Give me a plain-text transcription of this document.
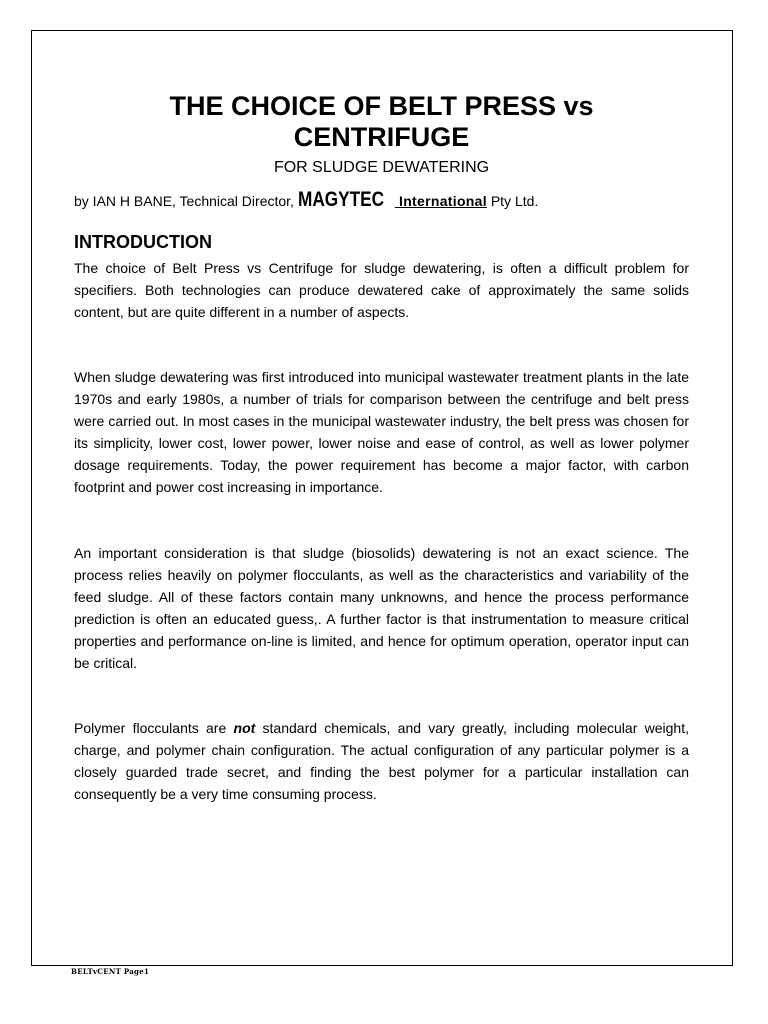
THE CHOICE OF BELT PRESS vs
CENTRIFUGE

FOR SLUDGE DEWATERING

by IAN H BANE, Technical Director, MAGYTEC International Pty Ltd.
INTRODUCTION

The choice of Belt Press vs Centrifuge for sludge dewatering, is often a difficult problem for specifiers. Both technologies can produce dewatered cake of approximately the same solids content, but are quite different in a number of aspects.

When sludge dewatering was first introduced into municipal wastewater treatment plants in the late 1970s and early 1980s, a number of trials for comparison between the centrifuge and belt press were carried out. In most cases in the municipal wastewater industry, the belt press was chosen for its simplicity, lower cost, lower power, lower noise and ease of control, as well as lower polymer dosage requirements. Today, the power requirement has become a major factor, with carbon footprint and power cost increasing in importance.

An important consideration is that sludge (biosolids) dewatering is not an exact science. The process relies heavily on polymer flocculants, as well as the characteristics and variability of the feed sludge. All of these factors contain many unknowns, and hence the process performance prediction is often an educated guess,. A further factor is that instrumentation to measure critical properties and performance on-line is limited, and hence for optimum operation, operator input can be critical.

Polymer flocculants are not standard chemicals, and vary greatly, including molecular weight, charge, and polymer chain configuration. The actual configuration of any particular polymer is a closely guarded trade secret, and finding the best polymer for a particular installation can consequently be a very time consuming process.

BELTvCENT Page1
